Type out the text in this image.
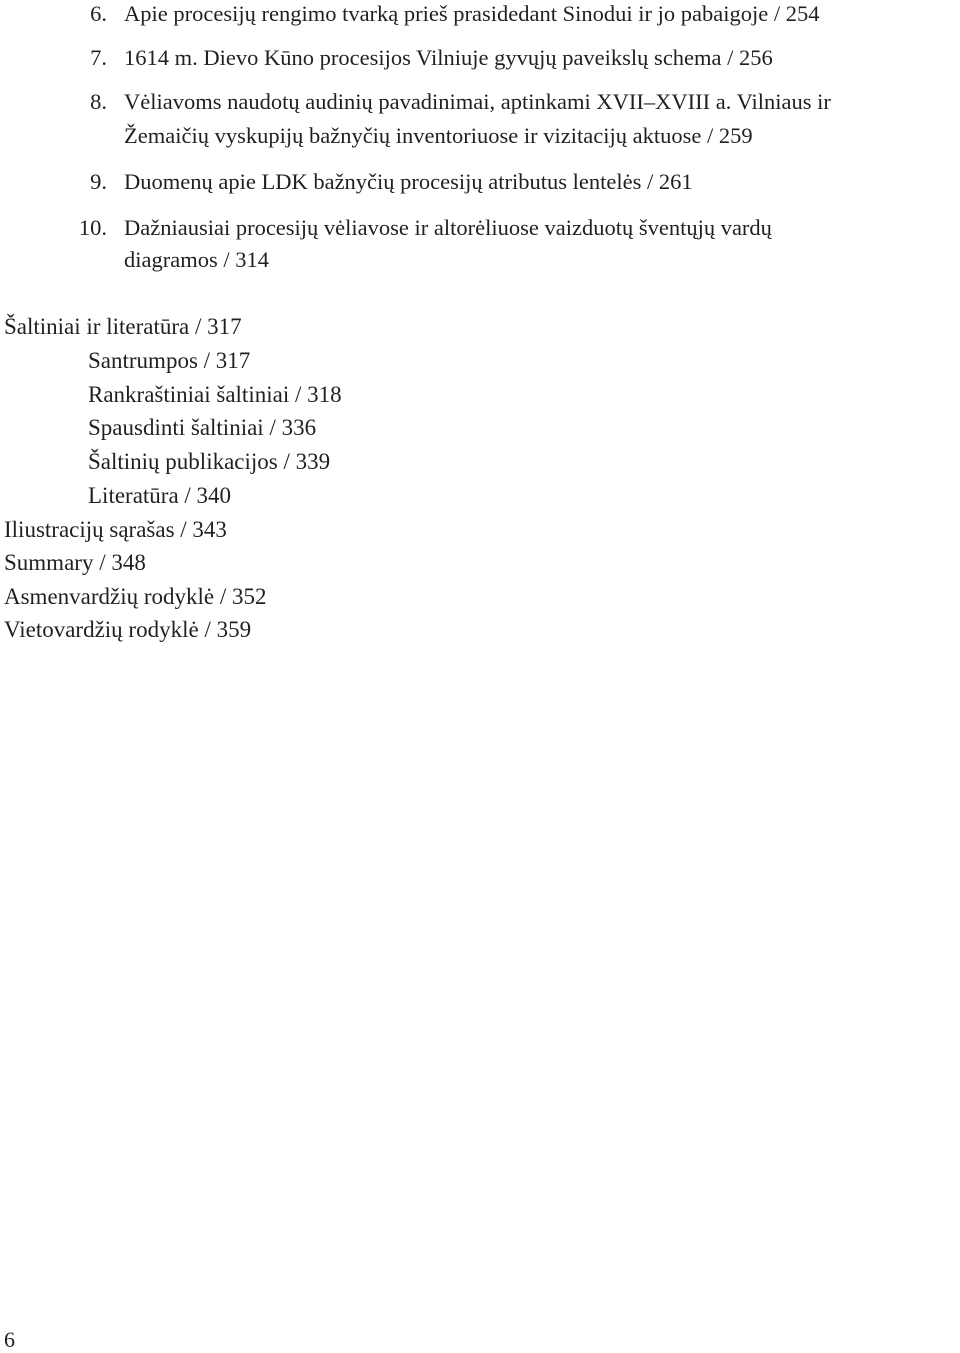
6. Apie procesijų rengimo tvarką prieš prasidedant Sinodui ir jo pabaigoje / 254
7. 1614 m. Dievo Kūno procesijos Vilniuje gyvųjų paveikslų schema / 256
8. Vėliavoms naudotų audinių pavadinimai, aptinkami XVII–XVIII a. Vilniaus ir
Žemaičių vyskupijų bažnyčių inventoriuose ir vizitacijų aktuose / 259
9. Duomenų apie LDK bažnyčių procesijų atributus lentelės / 261
10. Dažniausiai procesijų vėliavose ir altorėliuose vaizduotų šventųjų vardų
diagramos / 314
Šaltiniai ir literatūra / 317
Santrumpos / 317
Rankraštiniai šaltiniai / 318
Spausdinti šaltiniai / 336
Šaltinių publikacijos / 339
Literatūra / 340
Iliustracijų sąrašas / 343
Summary / 348
Asmenvardžių rodyklė / 352
Vietovardžių rodyklė / 359
6
